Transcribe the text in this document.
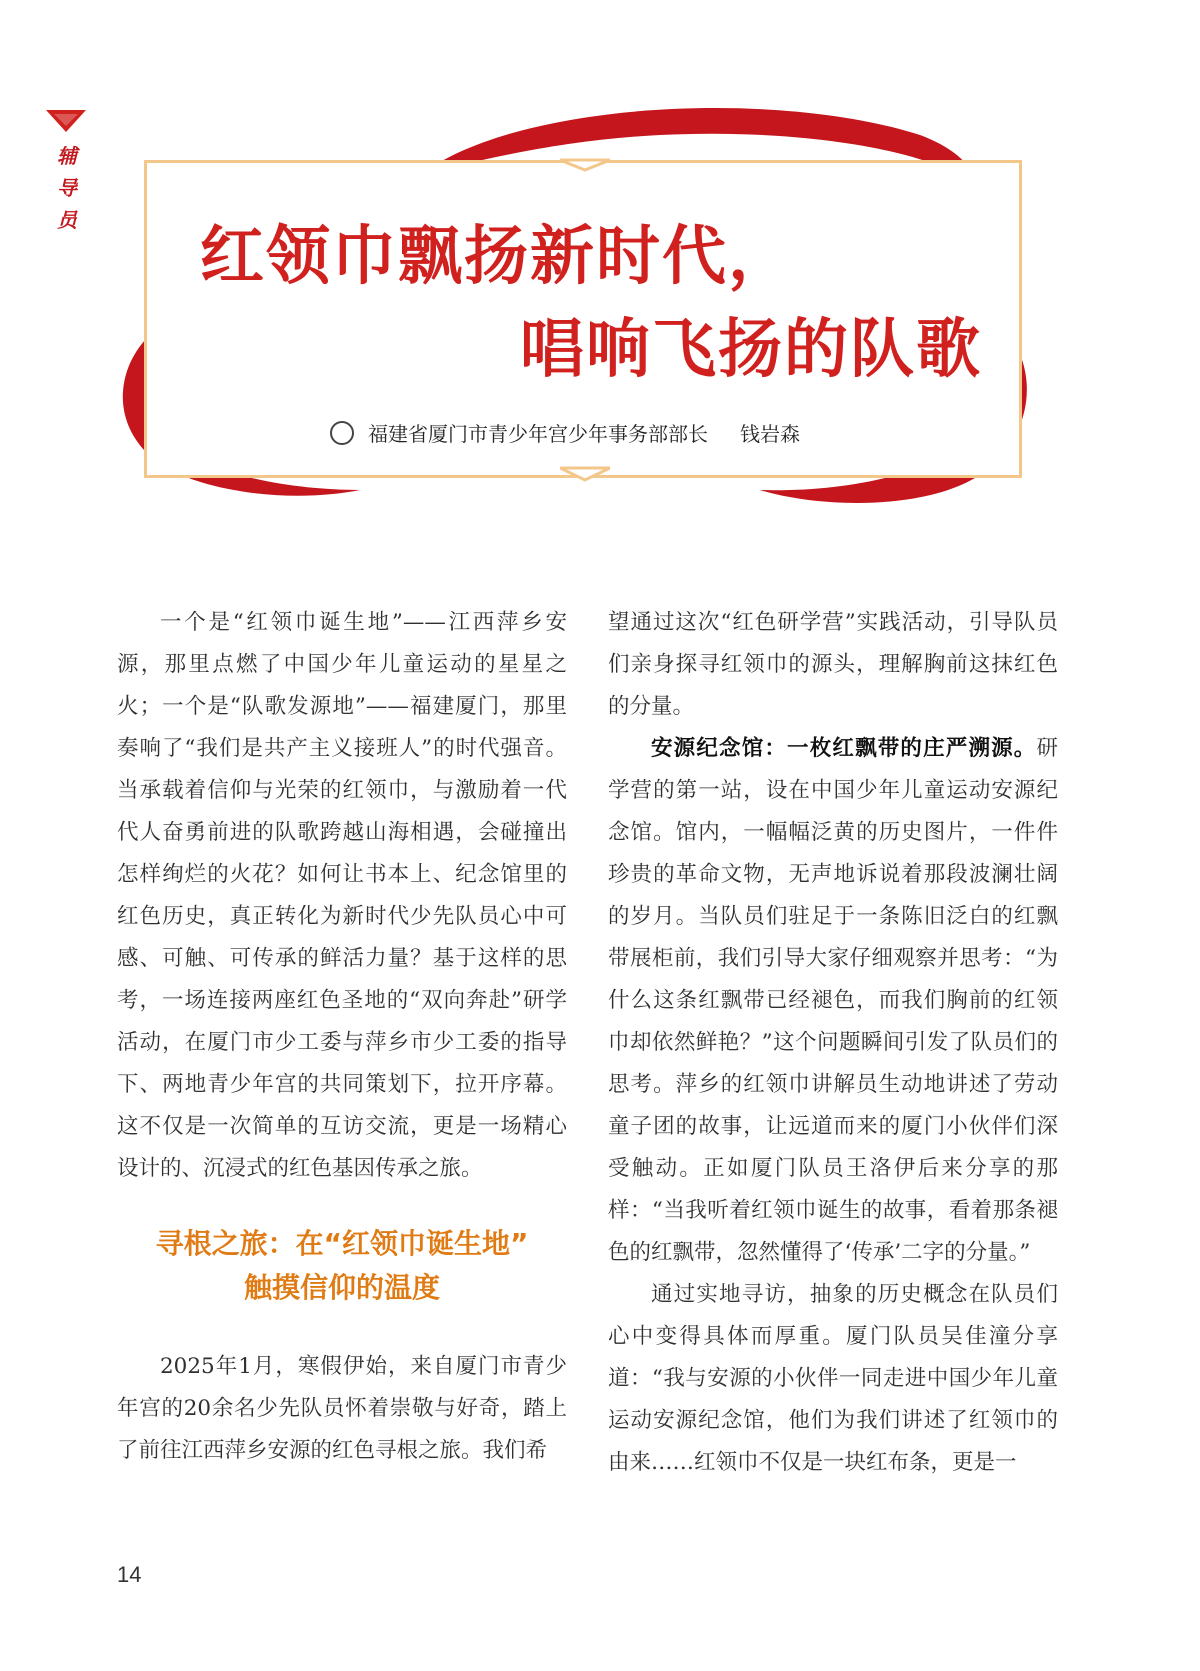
辅导员 红领巾飘扬新时代，
唱响飞扬的队歌
福建省厦门市青少年宫少年事务部部长 钱岩森

一个是“红领巾诞生地”——江西萍乡安源，那里点燃了中国少年儿童运动的星星之火；一个是“队歌发源地”——福建厦门，那里奏响了“我们是共产主义接班人”的时代强音。当承载着信仰与光荣的红领巾，与激励着一代代人奋勇前进的队歌跨越山海相遇，会碰撞出怎样绚烂的火花？如何让书本上、纪念馆里的红色历史，真正转化为新时代少先队员心中可感、可触、可传承的鲜活力量？基于这样的思考，一场连接两座红色圣地的“双向奔赴”研学活动，在厦门市少工委与萍乡市少工委的指导下、两地青少年宫的共同策划下，拉开序幕。这不仅是一次简单的互访交流，更是一场精心设计的、沉浸式的红色基因传承之旅。

寻根之旅：在“红领巾诞生地”
触摸信仰的温度

2025年1月，寒假伊始，来自厦门市青少年宫的20余名少先队员怀着崇敬与好奇，踏上了前往江西萍乡安源的红色寻根之旅。我们希

望通过这次“红色研学营”实践活动，引导队员们亲身探寻红领巾的源头，理解胸前这抹红色的分量。

安源纪念馆：一枚红飘带的庄严溯源。研学营的第一站，设在中国少年儿童运动安源纪念馆。馆内，一幅幅泛黄的历史图片，一件件珍贵的革命文物，无声地诉说着那段波澜壮阔的岁月。当队员们驻足于一条陈旧泛白的红飘带展柜前，我们引导大家仔细观察并思考：“为什么这条红飘带已经褪色，而我们胸前的红领巾却依然鲜艳？”这个问题瞬间引发了队员们的思考。萍乡的红领巾讲解员生动地讲述了劳动童子团的故事，让远道而来的厦门小伙伴们深受触动。正如厦门队员王洛伊后来分享的那样：“当我听着红领巾诞生的故事，看着那条褪色的红飘带，忽然懂得了‘传承’二字的分量。”

通过实地寻访，抽象的历史概念在队员们心中变得具体而厚重。厦门队员吴佳潼分享道：“我与安源的小伙伴一同走进中国少年儿童运动安源纪念馆，他们为我们讲述了红领巾的由来……红领巾不仅是一块红布条，更是一

14
